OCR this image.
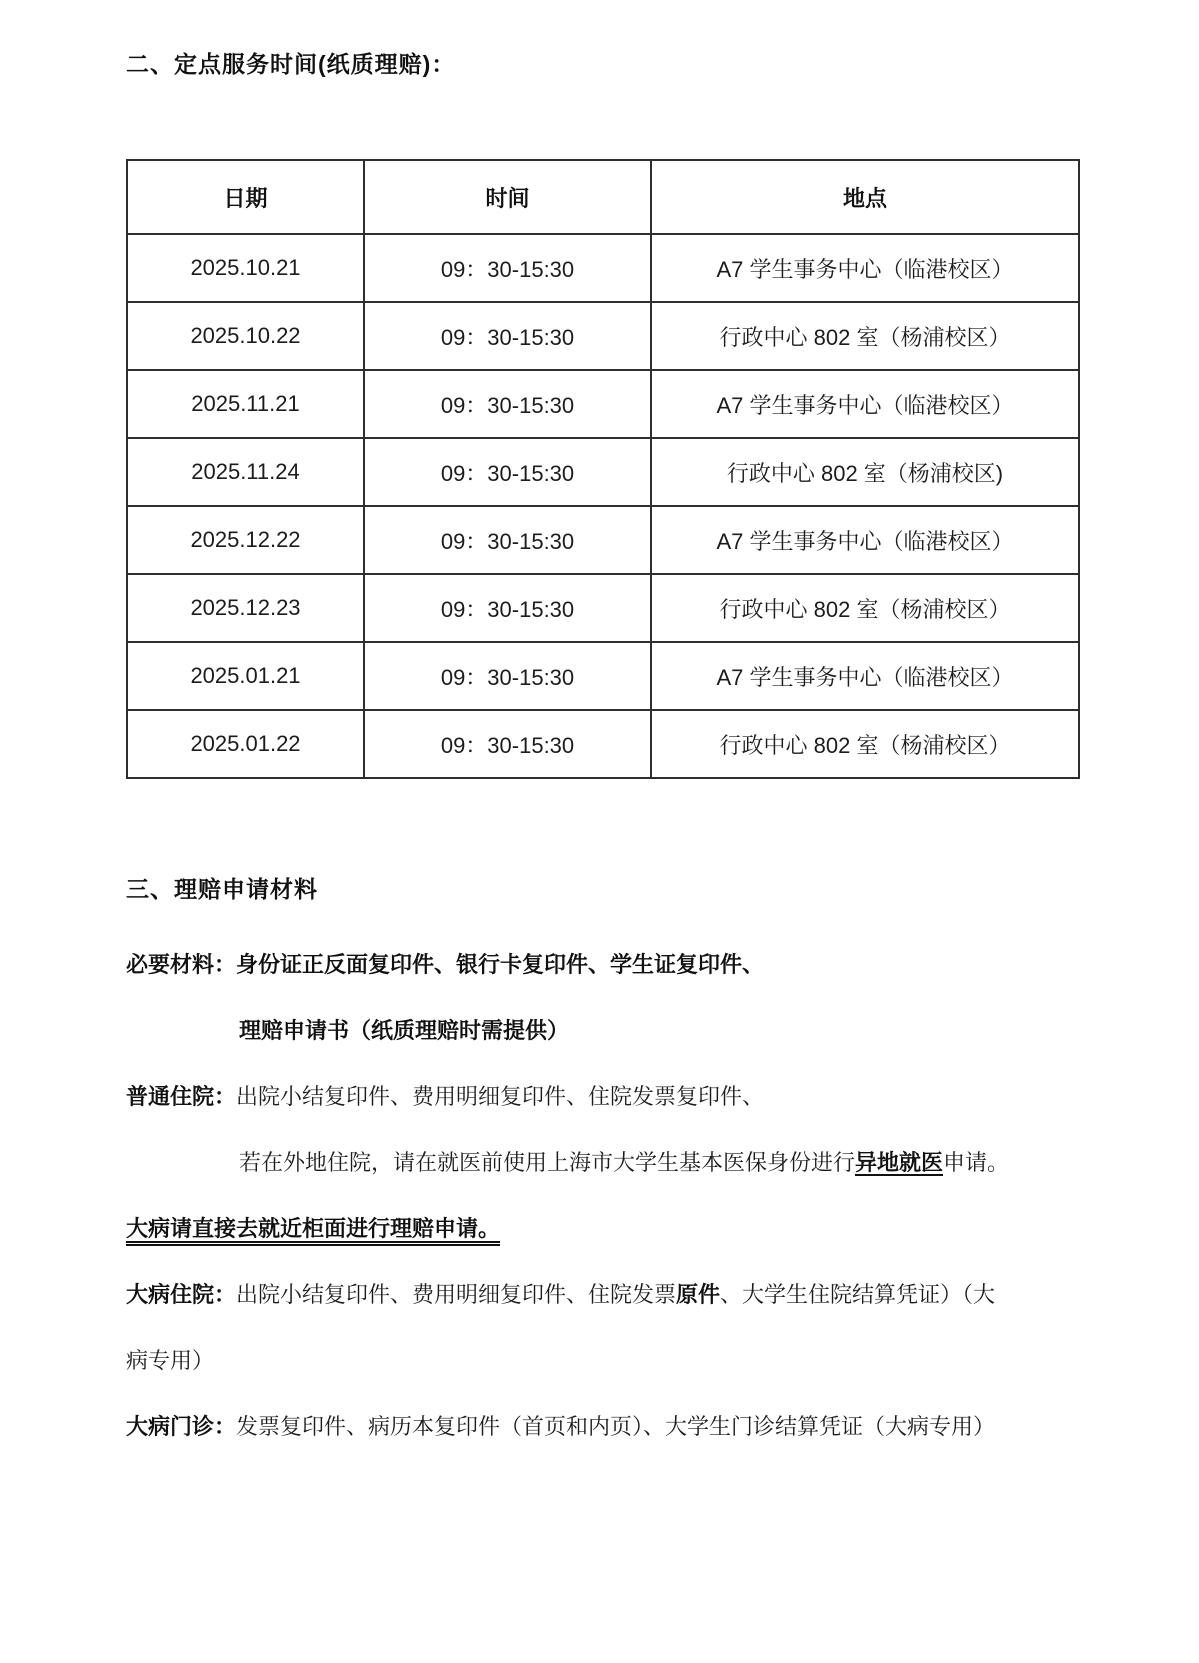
二、定点服务时间(纸质理赔)：
日期	时间	地点
2025.10.21	09：30-15:30	A7 学生事务中心（临港校区）
2025.10.22	09：30-15:30	行政中心 802 室（杨浦校区）
2025.11.21	09：30-15:30	A7 学生事务中心（临港校区）
2025.11.24	09：30-15:30	行政中心 802 室（杨浦校区)
2025.12.22	09：30-15:30	A7 学生事务中心（临港校区）
2025.12.23	09：30-15:30	行政中心 802 室（杨浦校区）
2025.01.21	09：30-15:30	A7 学生事务中心（临港校区）
2025.01.22	09：30-15:30	行政中心 802 室（杨浦校区）
三、理赔申请材料

必要材料：身份证正反面复印件、银行卡复印件、学生证复印件、

理赔申请书（纸质理赔时需提供）

普通住院：出院小结复印件、费用明细复印件、住院发票复印件、

若在外地住院，请在就医前使用上海市大学生基本医保身份进行异地就医申请。

大病请直接去就近柜面进行理赔申请。

大病住院：出院小结复印件、费用明细复印件、住院发票原件、大学生住院结算凭证）（大

病专用）

大病门诊：发票复印件、病历本复印件（首页和内页）、大学生门诊结算凭证（大病专用）
